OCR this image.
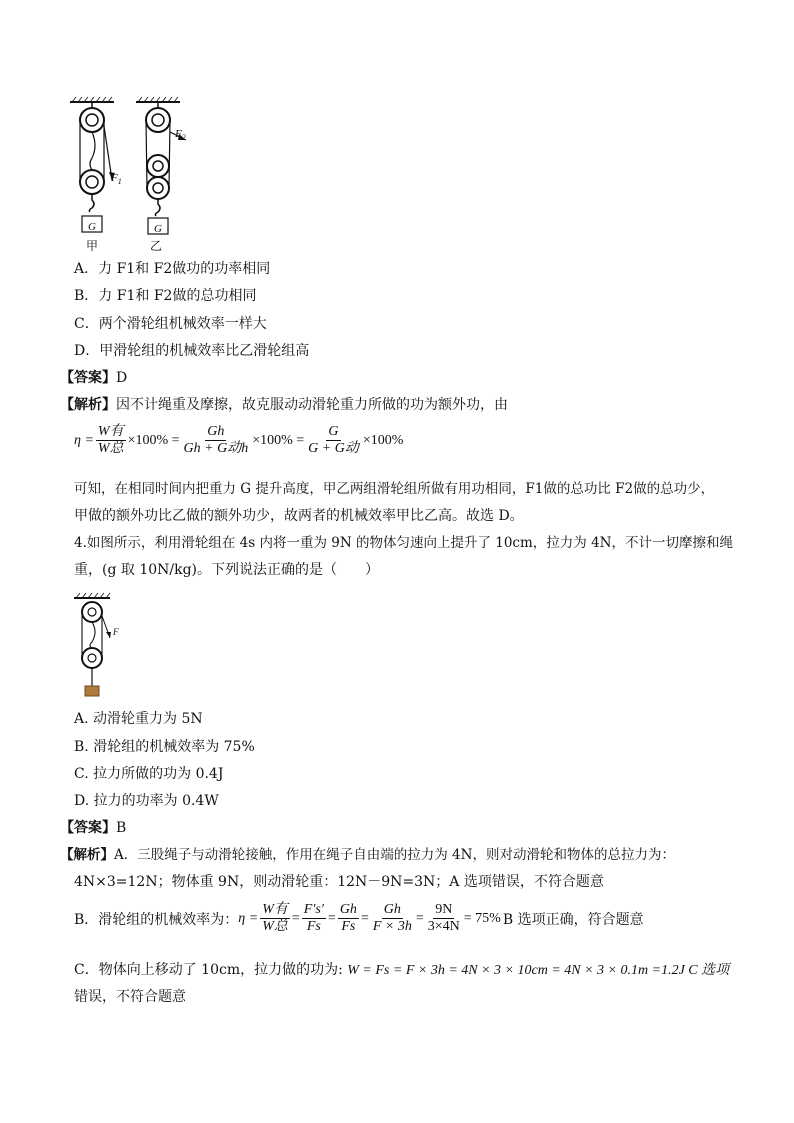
G	G
$F_1$
$F_2$
甲	乙
A．力 F1和 F2做功的功率相同
B．力 F1和 F2做的总功相同
C．两个滑轮组机械效率一样大
D．甲滑轮组的机械效率比乙滑轮组高
【答案】D
【解析】因不计绳重及摩擦，故克服动动滑轮重力所做的功为额外功，由
$\eta = \frac{\text{W有}}{\text{W总}} \times 100\% = \frac{Gh}{\text{Gh + G动h}} \times 100\% = \frac{G}{\text{G + G动}} \times 100\%$
可知，在相同时间内把重力 G 提升高度，甲乙两组滑轮组所做有用功相同，F1做的总功比 F2做的总功少，
甲做的额外功比乙做的额外功少，故两者的机械效率甲比乙高。故选 D。
4.如图所示，利用滑轮组在 4s 内将一重为 9N 的物体匀速向上提升了 10cm，拉力为 4N，不计一切摩擦和绳
重，(g 取 10N/kg)。下列说法正确的是（　　）
F
A. 动滑轮重力为 5N
B. 滑轮组的机械效率为 75%
C. 拉力所做的功为 0.4J
D. 拉力的功率为 0.4W
【答案】B
【解析】A．三股绳子与动滑轮接触，作用在绳子自由端的拉力为 4N，则对动滑轮和物体的总拉力为：
4N×3=12N；物体重 9N，则动滑轮重：12N－9N=3N；A 选项错误，不符合题意
B．滑轮组的机械效率为： $\eta = \frac{\text{W有}}{\text{W总}} = \frac{F's'}{Fs} = \frac{Gh}{Fs} = \frac{Gh}{F \times 3h} = \frac{9N}{3\times 4N} = 75\%$ B 选项正确，符合题意
C．物体向上移动了 10cm，拉力做的功为: W = Fs = F × 3h = 4N × 3 × 10cm = 4N × 3 × 0.1m =1.2J C 选项
错误，不符合题意
